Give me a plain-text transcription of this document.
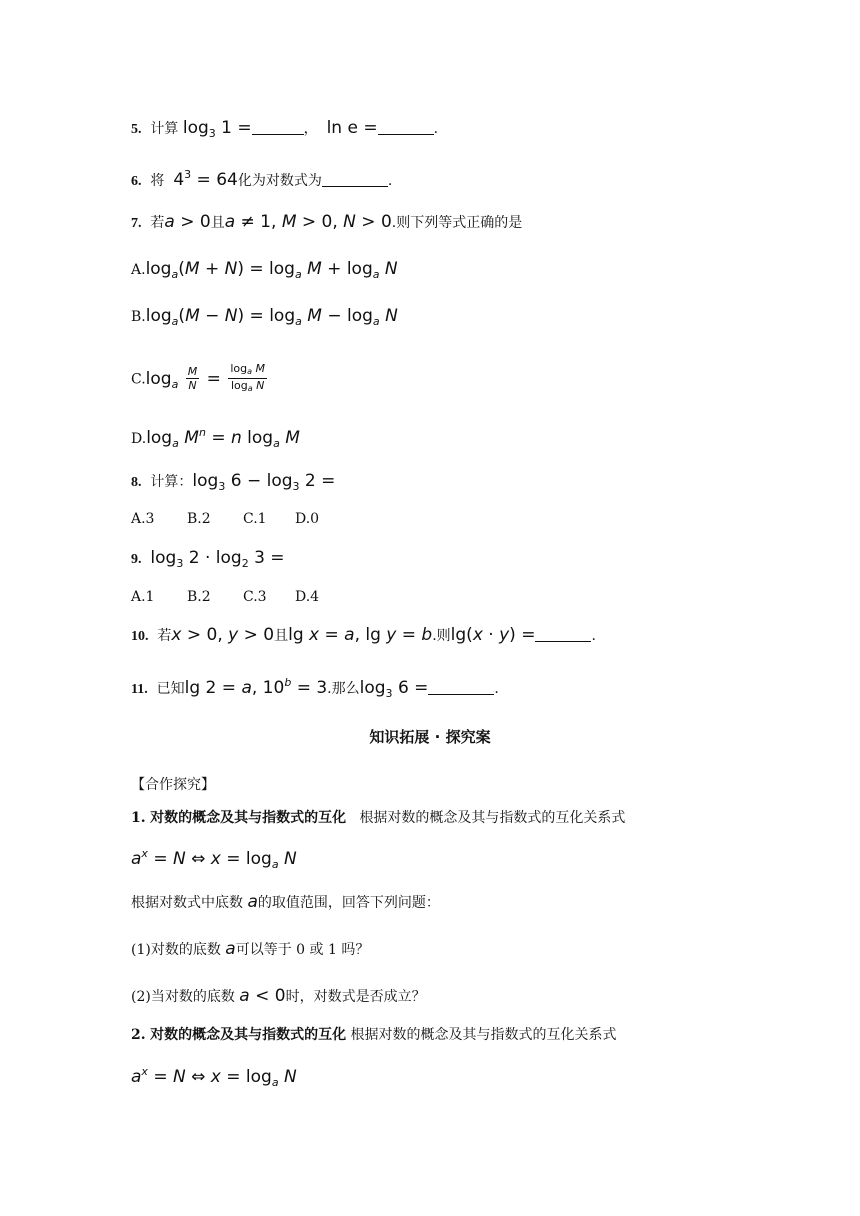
5. 计算 $\log_3 1$ =	， ln e =	.
6. 将 $4^3 = 64$化为对数式为	.
7. 若a > 0且a ≠ 1, M > 0, N > 0.则下列等式正确的是
$A.\log_a(M + N) = \log_a M + \log_a N$
$B.\log_a(M - N) = \log_a M - \log_a N$
$C.\log_a \frac{M}{N} = \frac{\log_a M}{\log_a N}$
$D.\log_a$ $M^n = n$ $\log_a M$
8. 计算：$\log_3 6 - \log_3 2$ =
A.3 B.2 C.1 D.0
9. $\log_3 2 \cdot \log_2 3$ =
A.1 B.2 C.3 D.4
10. 若x > 0, y > 0且lg x = a, lg y = b.则lg(x · y) =	.
11. 已知lg 2 = a, $10^b = 3$.那么$\log_3 6$ =	.
知识拓展 · 探究案
【合作探究】
1. 对数的概念及其与指数式的互化 根据对数的概念及其与指数式的互化关系式
$a^x = N$ ⇔ $x = \log_a N$
根据对数式中底数 a的取值范围，回答下列问题：
(1)对数的底数 a可以等于 0 或 1 吗？
(2)当对数的底数 a < 0时，对数式是否成立？
2. 对数的概念及其与指数式的互化 根据对数的概念及其与指数式的互化关系式
$a^x = N$ ⇔ $x = \log_a N$
